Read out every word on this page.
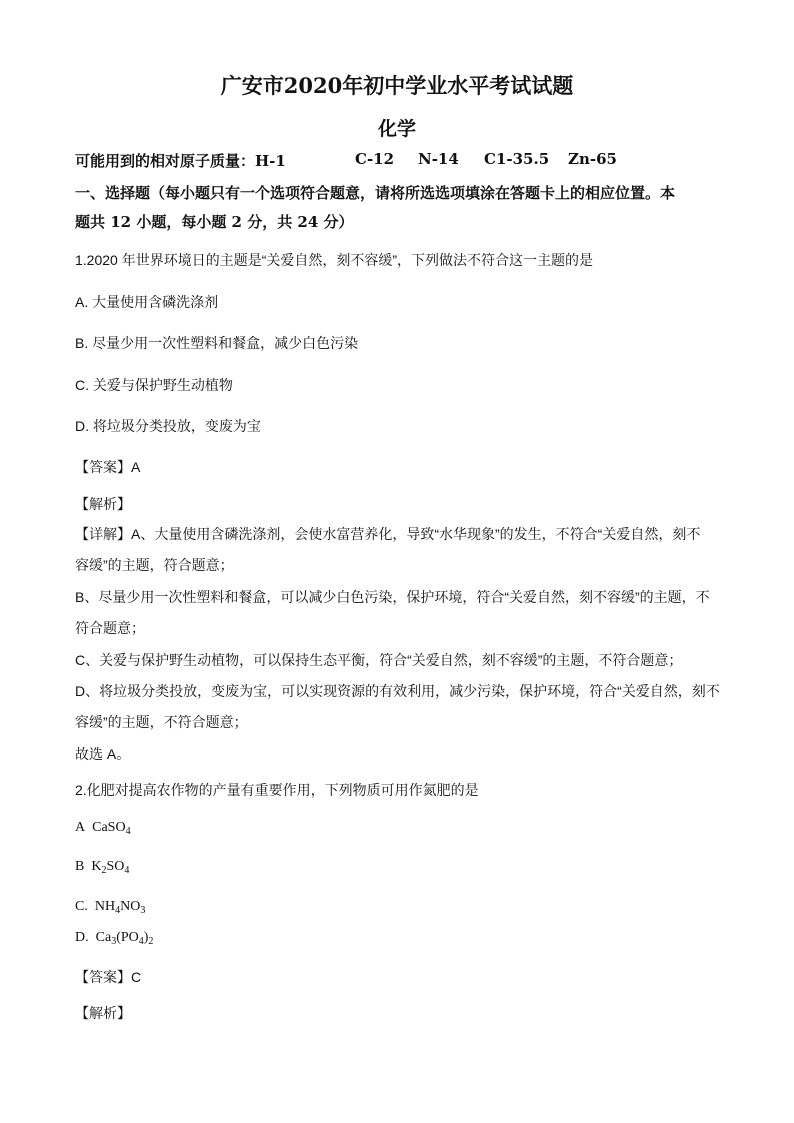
广安市2020年初中学业水平考试试题
化学
可能用到的相对原子质量：H-1	C-12 N-14 C1-35.5 Zn-65
一、选择题（每小题只有一个选项符合题意，请将所选选项填涂在答题卡上的相应位置。本
题共 12 小题，每小题 2 分，共 24 分）
1.2020 年世界环境日的主题是“关爱自然，刻不容缓”，下列做法不符合这一主题的是
A. 大量使用含磷洗涤剂
B. 尽量少用一次性塑料和餐盒，减少白色污染
C. 关爱与保护野生动植物
D. 将垃圾分类投放，变废为宝
【答案】A
【解析】
【详解】A、大量使用含磷洗涤剂，会使水富营养化，导致“水华现象”的发生，不符合“关爱自然，刻不
容缓”的主题，符合题意；
B、尽量少用一次性塑料和餐盒，可以减少白色污染，保护环境，符合“关爱自然，刻不容缓”的主题，不
符合题意；
C、关爱与保护野生动植物，可以保持生态平衡，符合“关爱自然，刻不容缓”的主题，不符合题意；
D、将垃圾分类投放，变废为宝，可以实现资源的有效利用，减少污染，保护环境，符合“关爱自然，刻不
容缓”的主题，不符合题意；
故选 A。
2.化肥对提高农作物的产量有重要作用，下列物质可用作氮肥的是
A CaSO$_4$
B $K_2SO_4$
C. $NH_4NO_3$
D. $Ca_3(PO_4)_2$
【答案】C
【解析】
